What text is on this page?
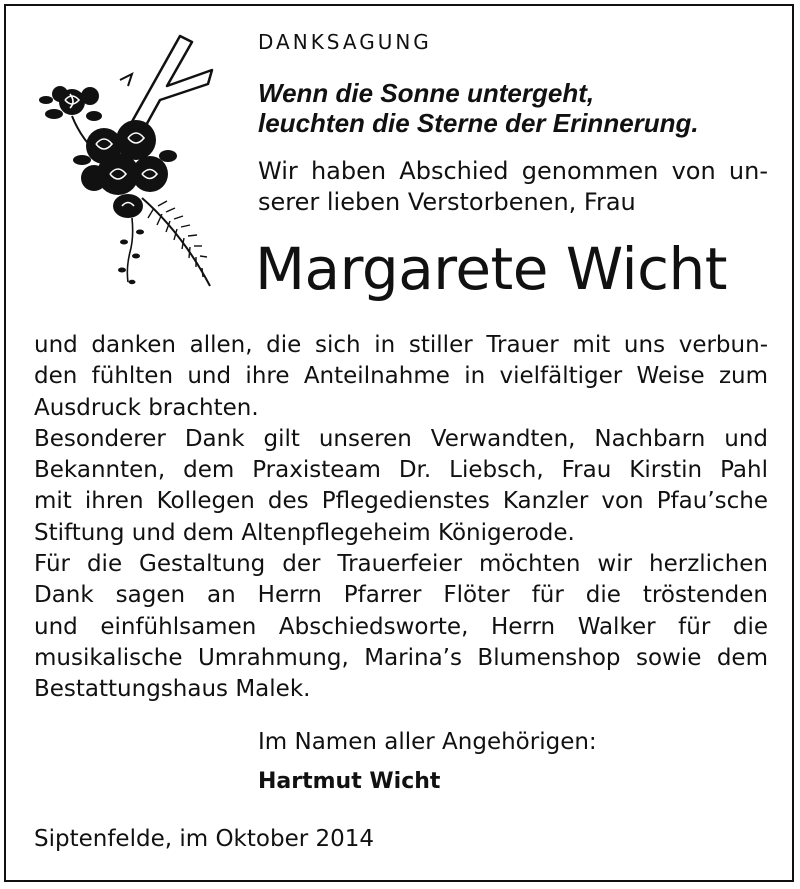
DANKSAGUNG
Wenn die Sonne untergeht,
leuchten die Sterne der Erinnerung.
Wir haben Abschied genommen von un-
serer lieben Verstorbenen, Frau
Margarete Wicht
und danken allen, die sich in stiller Trauer mit uns verbun-
den fühlten und ihre Anteilnahme in vielfältiger Weise zum
Ausdruck brachten.
Besonderer Dank gilt unseren Verwandten, Nachbarn und
Bekannten, dem Praxisteam Dr. Liebsch, Frau Kirstin Pahl
mit ihren Kollegen des Pflegedienstes Kanzler von Pfau’sche
Stiftung und dem Altenpflegeheim Königerode.
Für die Gestaltung der Trauerfeier möchten wir herzlichen
Dank sagen an Herrn Pfarrer Flöter für die tröstenden
und einfühlsamen Abschiedsworte, Herrn Walker für die
musikalische Umrahmung, Marina’s Blumenshop sowie dem
Bestattungshaus Malek.
Im Namen aller Angehörigen:
Hartmut Wicht
Siptenfelde, im Oktober 2014
